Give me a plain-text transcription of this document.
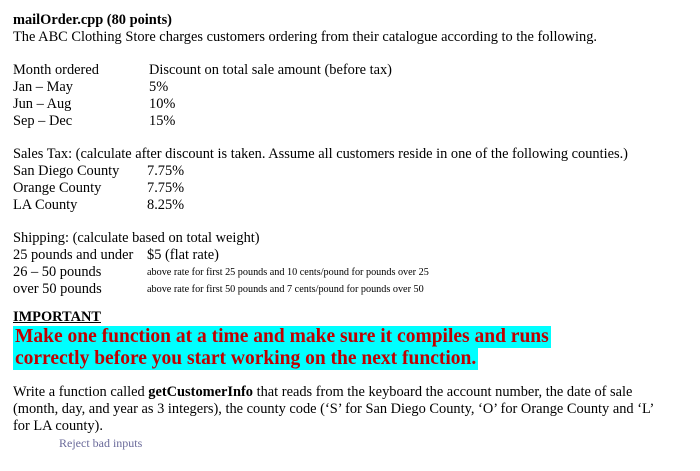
mailOrder.cpp (80 points)
The ABC Clothing Store charges customers ordering from their catalogue according to the following.
Month ordered	Discount on total sale amount (before tax)
Jan – May	5%
Jun – Aug	10%
Sep – Dec	15%
Sales Tax: (calculate after discount is taken. Assume all customers reside in one of the following counties.)
San Diego County	7.75%
Orange County	7.75%
LA County	8.25%
Shipping: (calculate based on total weight)
25 pounds and under $5 (flat rate)
26 – 50 pounds	above rate for first 25 pounds and 10 cents/pound for pounds over 25
over 50 pounds	above rate for first 50 pounds and 7 cents/pound for pounds over 50
IMPORTANT
Make one function at a time and make sure it compiles and runs
correctly before you start working on the next function.
Write a function called getCustomerInfo that reads from the keyboard the account number, the date of sale
(month, day, and year as 3 integers), the county code (‘S’ for San Diego County, ‘O’ for Orange County and ‘L’
for LA county).
Reject bad inputs
